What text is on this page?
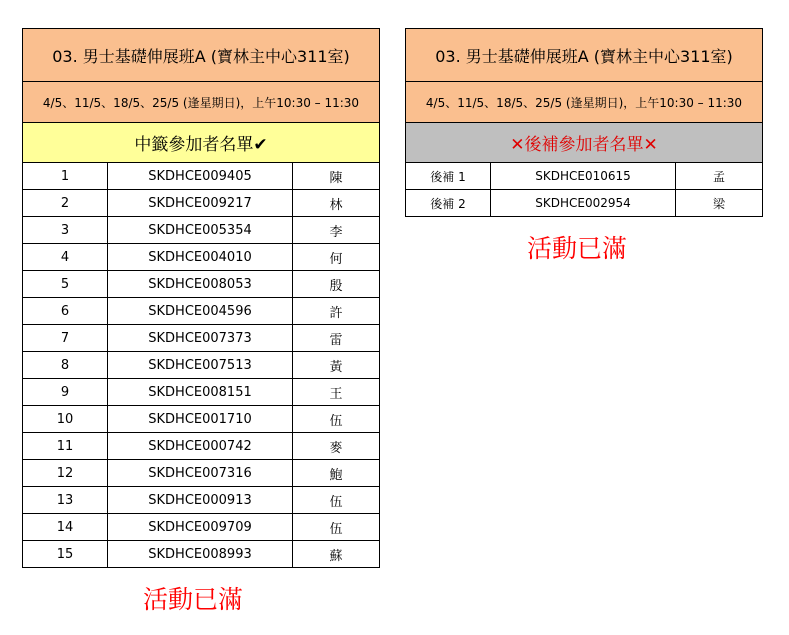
03. 男士基礎伸展班A (寶林主中心311室)		
4/5、11/5、18/5、25/5 (逢星期日)，上午10:30 – 11:30		
中籤參加者名單✔		
1	SKDHCE009405	陳
2	SKDHCE009217	林
3	SKDHCE005354	李
4	SKDHCE004010	何
5	SKDHCE008053	殷
6	SKDHCE004596	許
7	SKDHCE007373	雷
8	SKDHCE007513	黃
9	SKDHCE008151	王
10	SKDHCE001710	伍
11	SKDHCE000742	麥
12	SKDHCE007316	鮑
13	SKDHCE000913	伍
14	SKDHCE009709	伍
15	SKDHCE008993	蘇
活動已滿
03. 男士基礎伸展班A (寶林主中心311室)		
4/5、11/5、18/5、25/5 (逢星期日)，上午10:30 – 11:30		
✕後補參加者名單✕		
後補 1	SKDHCE010615	孟
後補 2	SKDHCE002954	梁
活動已滿
